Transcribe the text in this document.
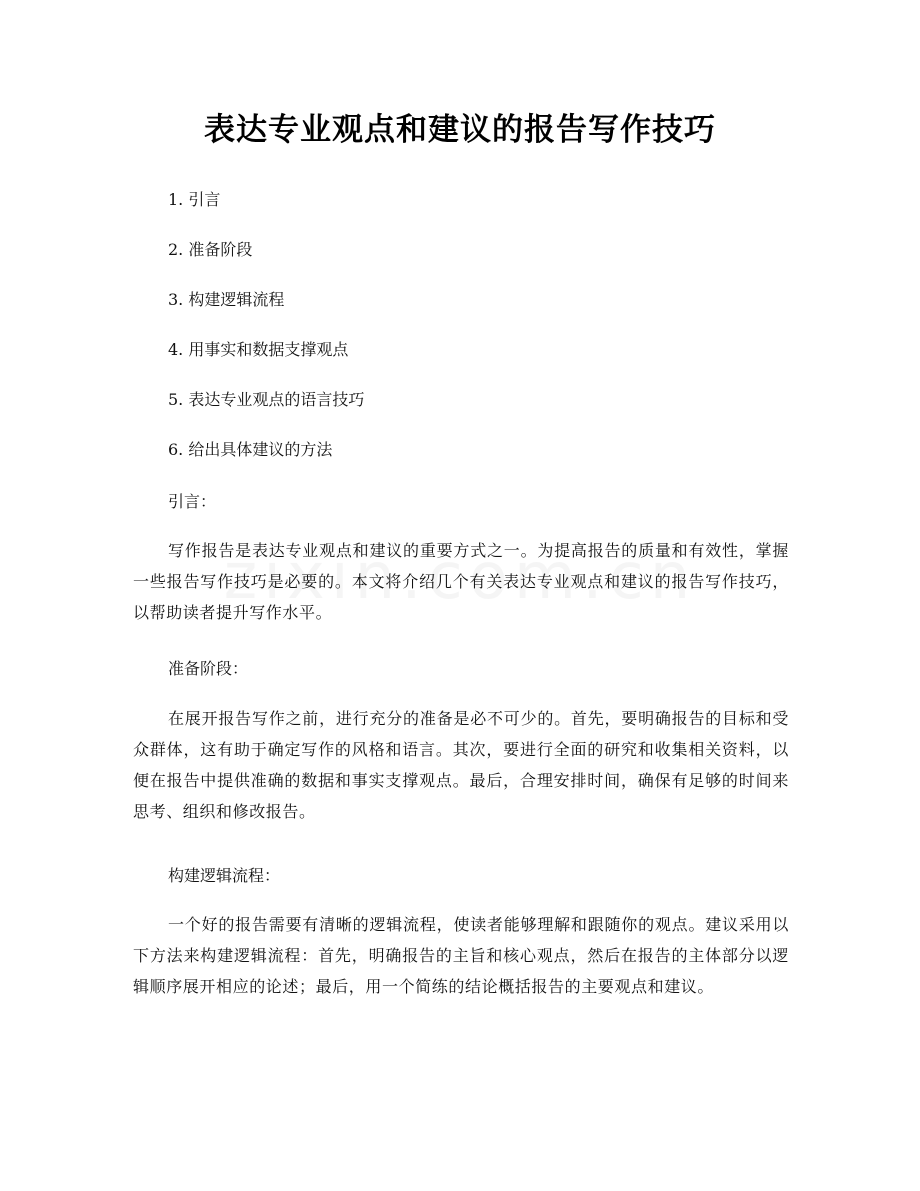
表达专业观点和建议的报告写作技巧
1. 引言
2. 准备阶段
3. 构建逻辑流程
4. 用事实和数据支撑观点
5. 表达专业观点的语言技巧
6. 给出具体建议的方法

引言：

写作报告是表达专业观点和建议的重要方式之一。为提高报告的质量和有效性，掌握一些报告写作技巧是必要的。本文将介绍几个有关表达专业观点和建议的报告写作技巧，以帮助读者提升写作水平。

准备阶段：

在展开报告写作之前，进行充分的准备是必不可少的。首先，要明确报告的目标和受众群体，这有助于确定写作的风格和语言。其次，要进行全面的研究和收集相关资料，以便在报告中提供准确的数据和事实支撑观点。最后，合理安排时间，确保有足够的时间来思考、组织和修改报告。

构建逻辑流程：

一个好的报告需要有清晰的逻辑流程，使读者能够理解和跟随你的观点。建议采用以下方法来构建逻辑流程：首先，明确报告的主旨和核心观点，然后在报告的主体部分以逻辑顺序展开相应的论述；最后，用一个简练的结论概括报告的主要观点和建议。
